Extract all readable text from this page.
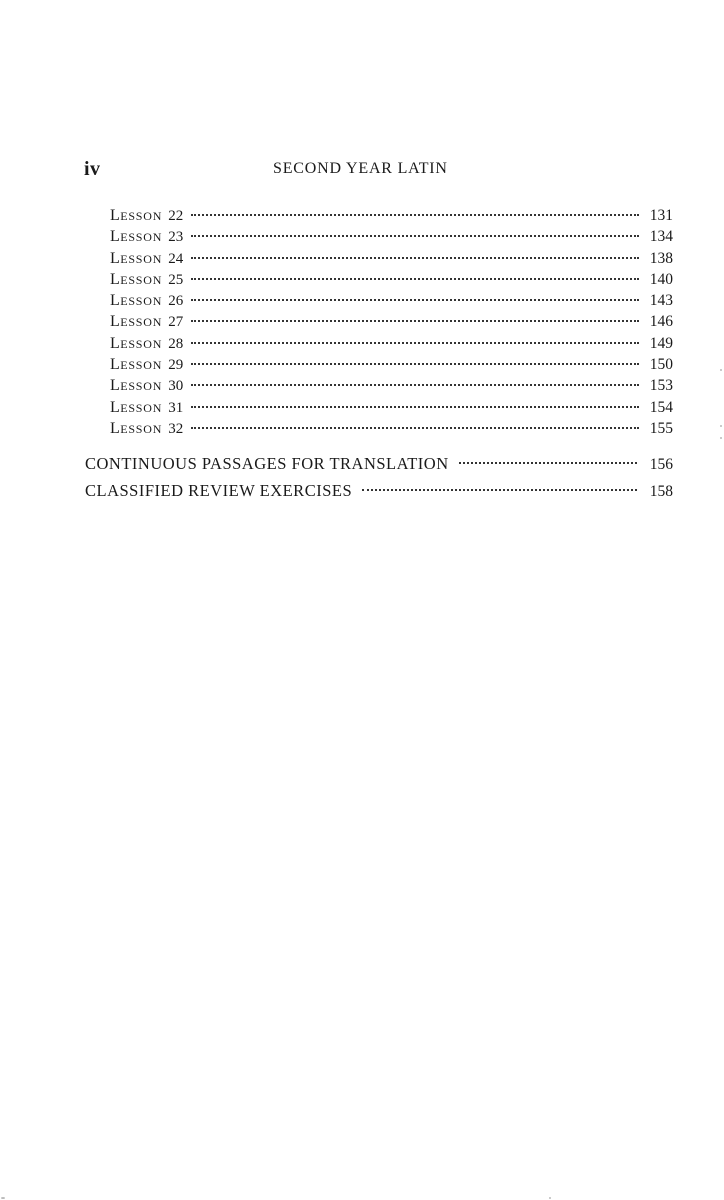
iv	SECOND YEAR LATIN
LESSON 22	131
LESSON 23	134
LESSON 24	138
LESSON 25	140
LESSON 26	143
LESSON 27	146
LESSON 28	149
LESSON 29	150
LESSON 30	153
LESSON 31	154
LESSON 32	155
CONTINUOUS PASSAGES FOR TRANSLATION	156
CLASSIFIED REVIEW EXERCISES	158
